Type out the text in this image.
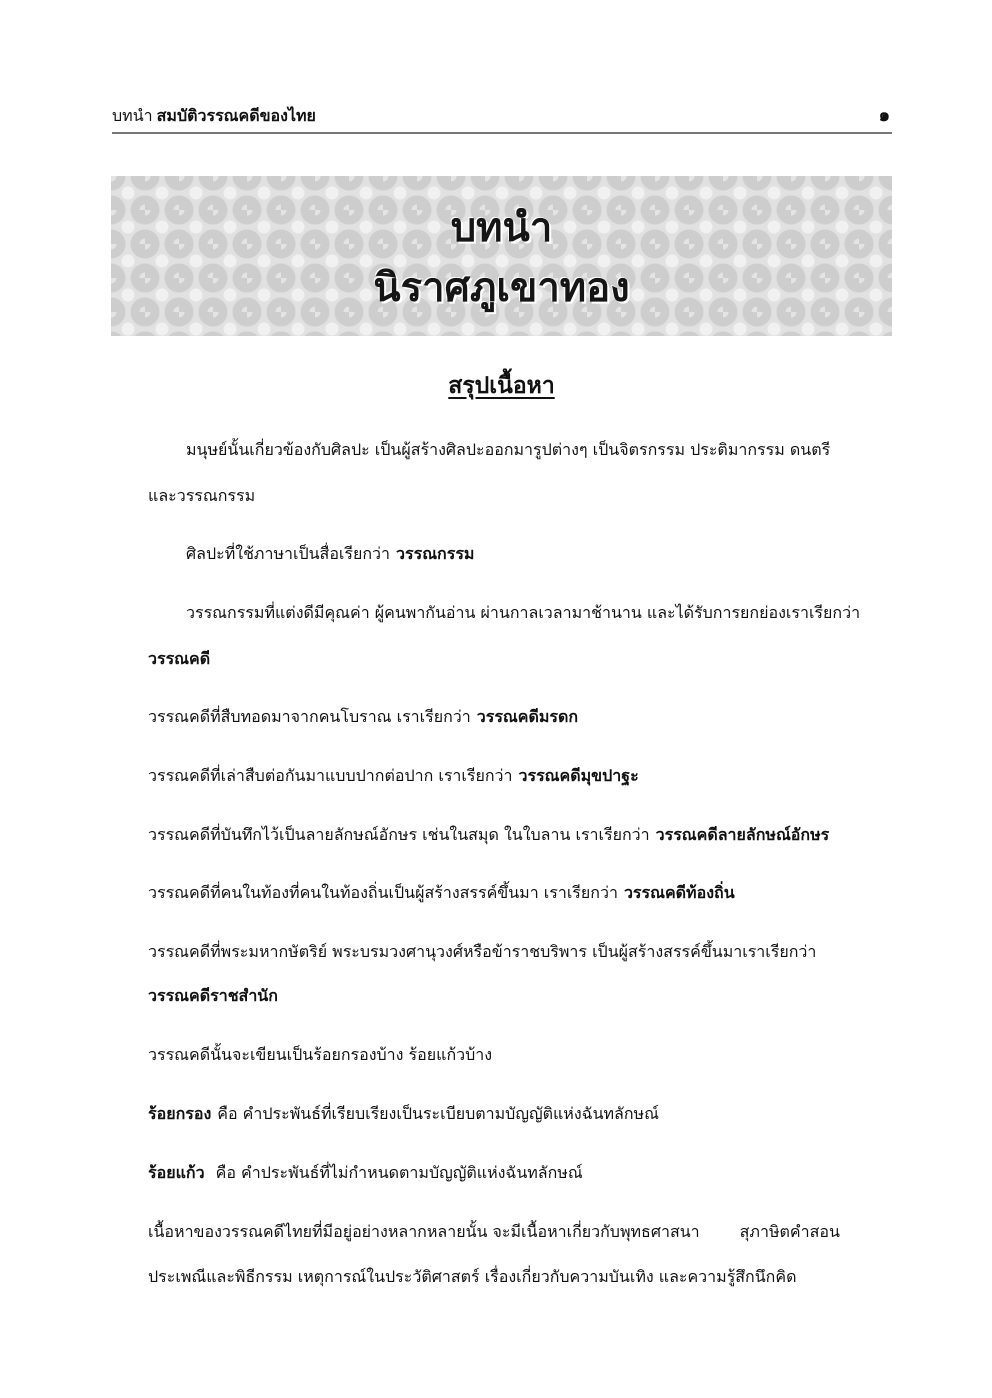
บทนำ สมบัติวรรณคดีของไทย	๑
บทนำ
นิราศภูเขาทอง
สรุปเนื้อหา
มนุษย์นั้นเกี่ยวข้องกับศิลปะ เป็นผู้สร้างศิลปะออกมารูปต่างๆ เป็นจิตรกรรม ประติมากรรม ดนตรี
และวรรณกรรม
ศิลปะที่ใช้ภาษาเป็นสื่อเรียกว่า วรรณกรรม
วรรณกรรมที่แต่งดีมีคุณค่า ผู้คนพากันอ่าน ผ่านกาลเวลามาช้านาน และได้รับการยกย่องเราเรียกว่า
วรรณคดี
วรรณคดีที่สืบทอดมาจากคนโบราณ เราเรียกว่า วรรณคดีมรดก
วรรณคดีที่เล่าสืบต่อกันมาแบบปากต่อปาก เราเรียกว่า วรรณคดีมุขปาฐะ
วรรณคดีที่บันทึกไว้เป็นลายลักษณ์อักษร เช่นในสมุด ในใบลาน เราเรียกว่า วรรณคดีลายลักษณ์อักษร
วรรณคดีที่คนในท้องที่คนในท้องถิ่นเป็นผู้สร้างสรรค์ขึ้นมา เราเรียกว่า วรรณคดีท้องถิ่น
วรรณคดีที่พระมหากษัตริย์ พระบรมวงศานุวงศ์หรือข้าราชบริพาร เป็นผู้สร้างสรรค์ขึ้นมาเราเรียกว่า
วรรณคดีราชสำนัก
วรรณคดีนั้นจะเขียนเป็นร้อยกรองบ้าง ร้อยแก้วบ้าง
ร้อยกรอง คือ คำประพันธ์ที่เรียบเรียงเป็นระเบียบตามบัญญัติแห่งฉันทลักษณ์
ร้อยแก้ว คือ คำประพันธ์ที่ไม่กำหนดตามบัญญัติแห่งฉันทลักษณ์
เนื้อหาของวรรณคดีไทยที่มีอยู่อย่างหลากหลายนั้น จะมีเนื้อหาเกี่ยวกับพุทธศาสนา	สุภาษิตคำสอน
ประเพณีและพิธีกรรม เหตุการณ์ในประวัติศาสตร์ เรื่องเกี่ยวกับความบันเทิง และความรู้สึกนึกคิด
